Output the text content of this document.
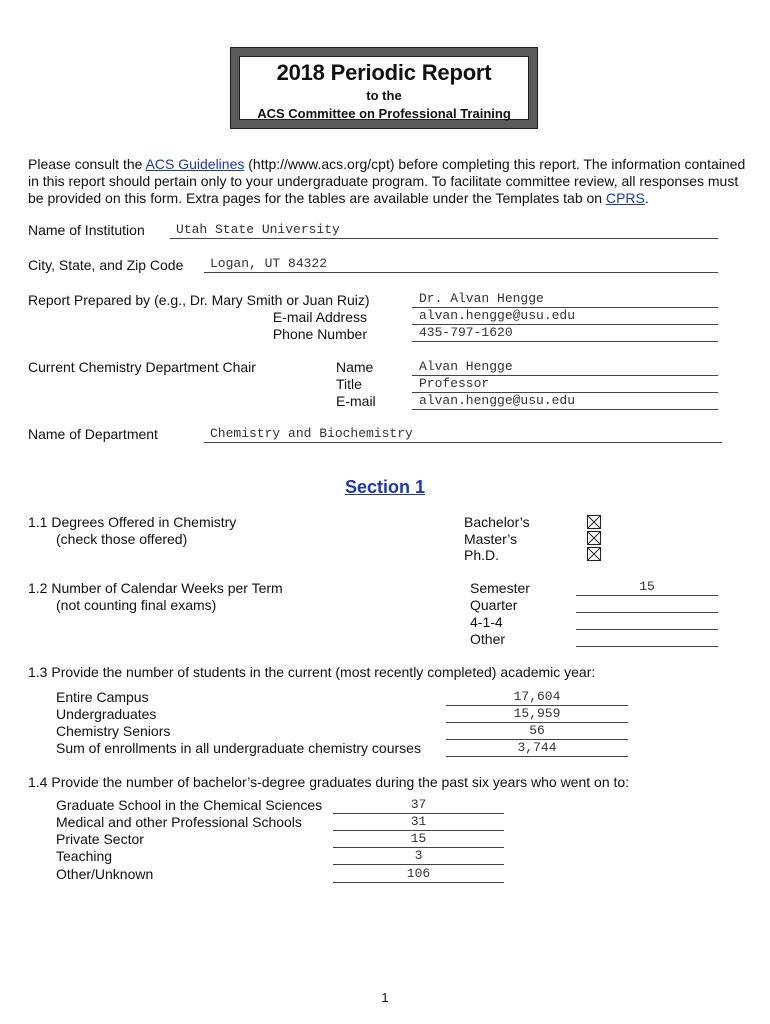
2018 Periodic Report
to the
ACS Committee on Professional Training
Please consult the ACS Guidelines (http://www.acs.org/cpt) before completing this report. The information contained in this report should pertain only to your undergraduate program. To facilitate committee review, all responses must be provided on this form. Extra pages for the tables are available under the Templates tab on CPRS.
Name of Institution Utah State University
City, State, and Zip Code Logan, UT 84322
Report Prepared by (e.g., Dr. Mary Smith or Juan Ruiz)
E-mail Address
Phone Number
Dr. Alvan Hengge
alvan.hengge@usu.edu
435-797-1620
Current Chemistry Department Chair	Name
Title
E-mail
Alvan Hengge
Professor
alvan.hengge@usu.edu
Name of Department	Chemistry and Biochemistry
Section 1
1.1 Degrees Offered in Chemistry
(check those offered)
Bachelor’s
Master’s
Ph.D.
1.2 Number of Calendar Weeks per Term
(not counting final exams)
Semester
Quarter
4-1-4
Other
15
1.3 Provide the number of students in the current (most recently completed) academic year:
Entire Campus
Undergraduates
Chemistry Seniors
Sum of enrollments in all undergraduate chemistry courses
17,604
15,959
56
3,744
1.4 Provide the number of bachelor’s-degree graduates during the past six years who went on to:
Graduate School in the Chemical Sciences
Medical and other Professional Schools
Private Sector
Teaching
Other/Unknown
37
31
15
3
106
1
